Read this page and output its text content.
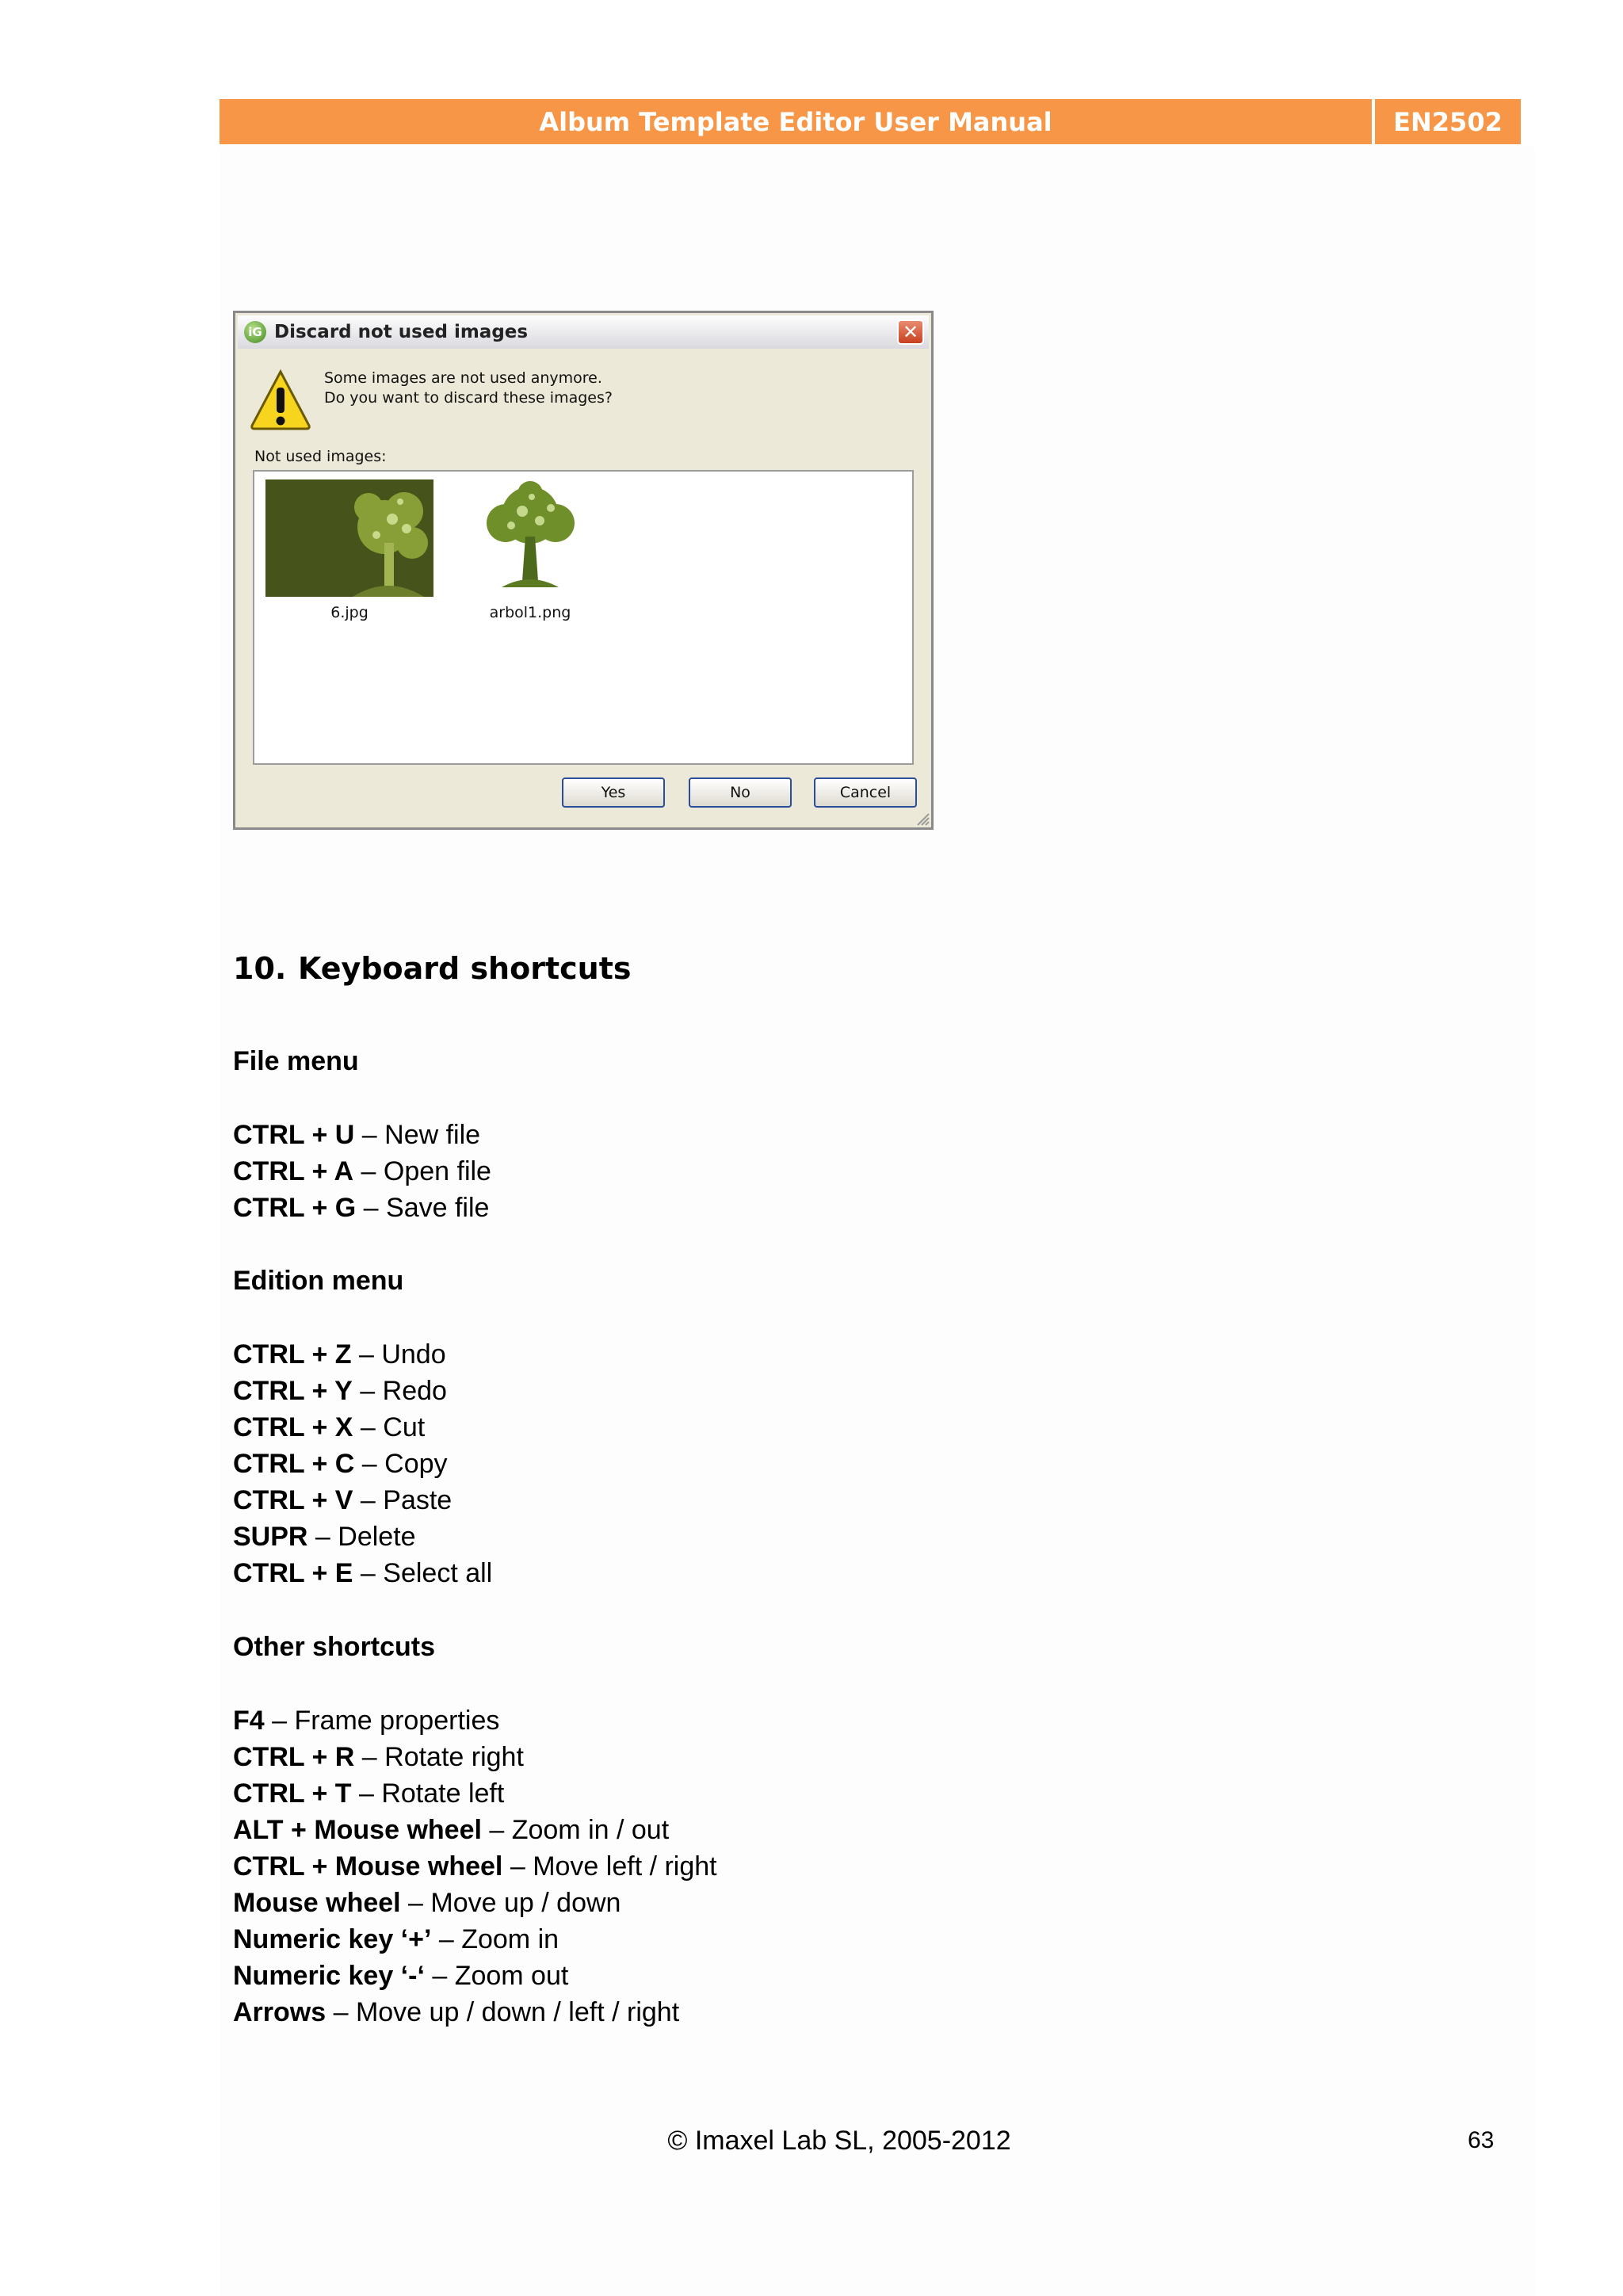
Album Template Editor User Manual	EN2502
iG Discard not used images	✕
Some images are not used anymore.
Do you want to discard these images?
Not used images:
6.jpg	arbol1.png
Yes	No	Cancel
10. Keyboard shortcuts

File menu

CTRL + U – New file

CTRL + A – Open file

CTRL + G – Save file

Edition menu

CTRL + Z – Undo

CTRL + Y – Redo

CTRL + X – Cut

CTRL + C – Copy

CTRL + V – Paste

SUPR – Delete

CTRL + E – Select all

Other shortcuts

F4 – Frame properties

CTRL + R – Rotate right

CTRL + T – Rotate left

ALT + Mouse wheel – Zoom in / out

CTRL + Mouse wheel – Move left / right

Mouse wheel – Move up / down

Numeric key ‘+’ – Zoom in

Numeric key ‘-‘ – Zoom out

Arrows – Move up / down / left / right

© Imaxel Lab SL, 2005-2012	63
